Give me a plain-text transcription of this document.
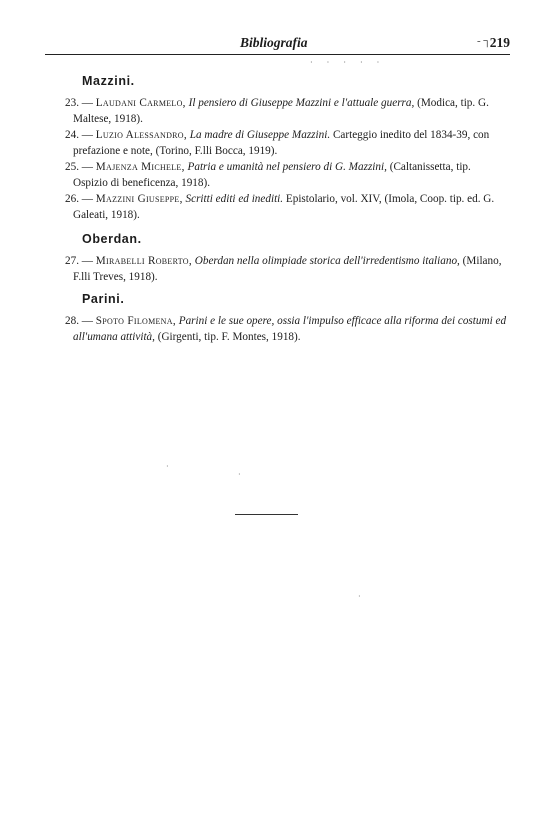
Bibliografia	- ┐
219
· · · · ·
Mazzini.

23. — Laudani Carmelo, Il pensiero di Giuseppe Mazzini e l'attuale guerra, (Modica, tip. G. Maltese, 1918).

24. — Luzio Alessandro, La madre di Giuseppe Mazzini. Carteggio inedito del 1834-39, con prefazione e note, (Torino, F.lli Bocca, 1919).

25. — Majenza Michele, Patria e umanità nel pensiero di G. Mazzini, (Caltanissetta, tip. Ospizio di beneficenza, 1918).

26. — Mazzini Giuseppe, Scritti editi ed inediti. Epistolario, vol. XIV, (Imola, Coop. tip. ed. G. Galeati, 1918).

Oberdan.

27. — Mirabelli Roberto, Oberdan nella olimpiade storica dell'irredentismo italiano, (Milano, F.lli Treves, 1918).

Parini.

28. — Spoto Filomena, Parini e le sue opere, ossia l'impulso efficace alla riforma dei costumi ed all'umana attività, (Girgenti, tip. F. Montes, 1918).

·
·
·
